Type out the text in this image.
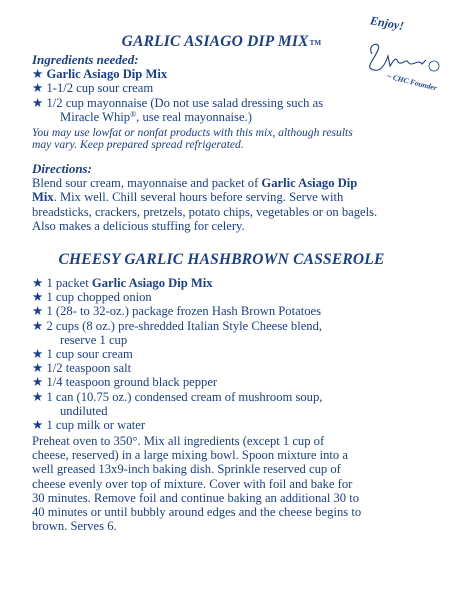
GARLIC ASIAGO DIP MIXTM
Enjoy!
~ CHC Founder
Ingredients needed:
★ Garlic Asiago Dip Mix
★ 1-1/2 cup sour cream
★ 1/2 cup mayonnaise (Do not use salad dressing such as
Miracle Whip®, use real mayonnaise.)
You may use lowfat or nonfat products with this mix, although results
may vary. Keep prepared spread refrigerated.
Directions:
Blend sour cream, mayonnaise and packet of Garlic Asiago Dip
Mix. Mix well. Chill several hours before serving. Serve with
breadsticks, crackers, pretzels, potato chips, vegetables or on bagels.
Also makes a delicious stuffing for celery.
CHEESY GARLIC HASHBROWN CASSEROLE
★ 1 packet Garlic Asiago Dip Mix
★ 1 cup chopped onion
★ 1 (28- to 32-oz.) package frozen Hash Brown Potatoes
★ 2 cups (8 oz.) pre-shredded Italian Style Cheese blend,
reserve 1 cup
★ 1 cup sour cream
★ 1/2 teaspoon salt
★ 1/4 teaspoon ground black pepper
★ 1 can (10.75 oz.) condensed cream of mushroom soup,
undiluted
★ 1 cup milk or water
Preheat oven to 350°. Mix all ingredients (except 1 cup of
cheese, reserved) in a large mixing bowl. Spoon mixture into a
well greased 13x9-inch baking dish. Sprinkle reserved cup of
cheese evenly over top of mixture. Cover with foil and bake for
30 minutes. Remove foil and continue baking an additional 30 to
40 minutes or until bubbly around edges and the cheese begins to
brown. Serves 6.
